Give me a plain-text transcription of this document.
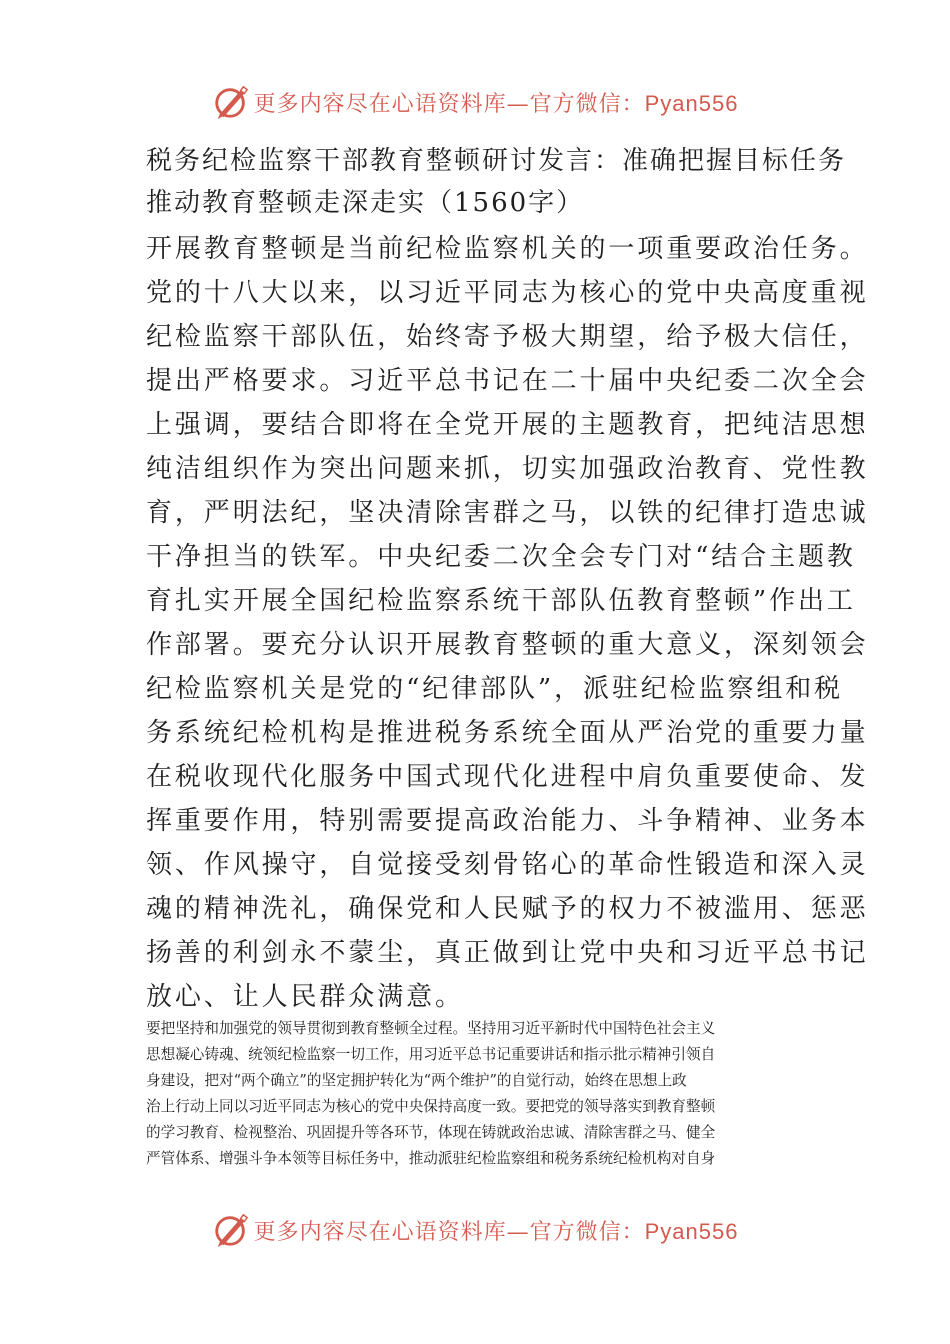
更多内容尽在心语资料库—官方微信：Pyan556

税务纪检监察干部教育整顿研讨发言：准确把握目标任务

推动教育整顿走深走实（1560字）

开展教育整顿是当前纪检监察机关的一项重要政治任务。

党的十八大以来，以习近平同志为核心的党中央高度重视

纪检监察干部队伍，始终寄予极大期望，给予极大信任，

提出严格要求。习近平总书记在二十届中央纪委二次全会

上强调，要结合即将在全党开展的主题教育，把纯洁思想

纯洁组织作为突出问题来抓，切实加强政治教育、党性教

育，严明法纪，坚决清除害群之马，以铁的纪律打造忠诚

干净担当的铁军。中央纪委二次全会专门对“结合主题教

育扎实开展全国纪检监察系统干部队伍教育整顿”作出工

作部署。要充分认识开展教育整顿的重大意义，深刻领会

纪检监察机关是党的“纪律部队”，派驻纪检监察组和税

务系统纪检机构是推进税务系统全面从严治党的重要力量

在税收现代化服务中国式现代化进程中肩负重要使命、发

挥重要作用，特别需要提高政治能力、斗争精神、业务本

领、作风操守，自觉接受刻骨铭心的革命性锻造和深入灵

魂的精神洗礼，确保党和人民赋予的权力不被滥用、惩恶

扬善的利剑永不蒙尘，真正做到让党中央和习近平总书记

放心、让人民群众满意。

要把坚持和加强党的领导贯彻到教育整顿全过程。坚持用习近平新时代中国特色社会主义

思想凝心铸魂、统领纪检监察一切工作，用习近平总书记重要讲话和指示批示精神引领自

身建设，把对“两个确立”的坚定拥护转化为“两个维护”的自觉行动，始终在思想上政

治上行动上同以习近平同志为核心的党中央保持高度一致。要把党的领导落实到教育整顿

的学习教育、检视整治、巩固提升等各环节，体现在铸就政治忠诚、清除害群之马、健全

严管体系、增强斗争本领等目标任务中，推动派驻纪检监察组和税务系统纪检机构对自身

更多内容尽在心语资料库—官方微信：Pyan556
